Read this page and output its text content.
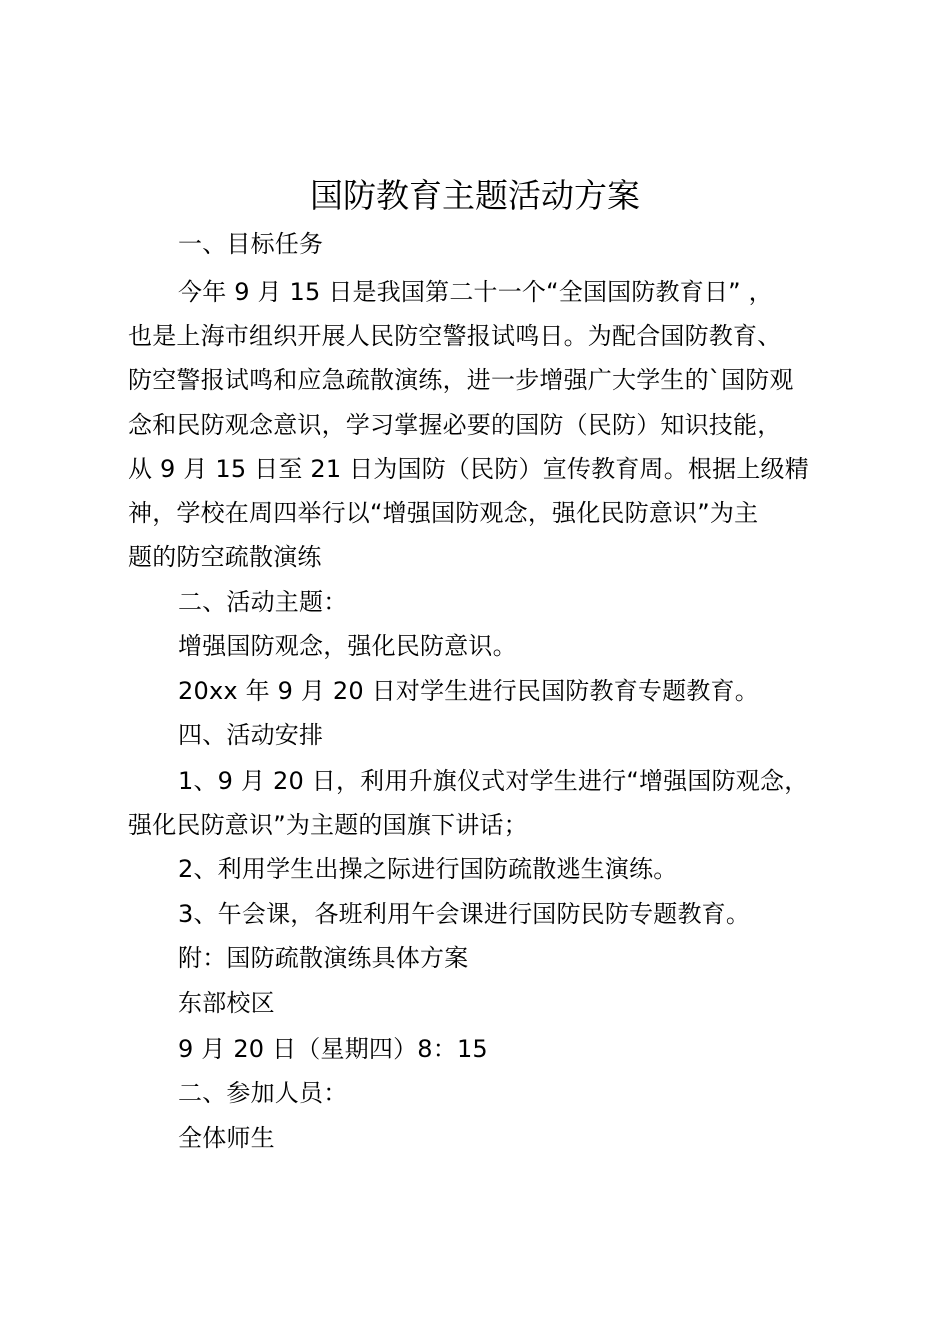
国防教育主题活动方案
一、目标任务
今年 9 月 15 日是我国第二十一个“全国国防教育日” ，
也是上海市组织开展人民防空警报试鸣日。为配合国防教育、
防空警报试鸣和应急疏散演练，进一步增强广大学生的`国防观
念和民防观念意识，学习掌握必要的国防（民防）知识技能，
从 9 月 15 日至 21 日为国防（民防）宣传教育周。根据上级精
神，学校在周四举行以“增强国防观念，强化民防意识”为主
题的防空疏散演练
二、活动主题：
增强国防观念，强化民防意识。
20xx 年 9 月 20 日对学生进行民国防教育专题教育。
四、活动安排
1、9 月 20 日，利用升旗仪式对学生进行“增强国防观念，
强化民防意识”为主题的国旗下讲话；
2、利用学生出操之际进行国防疏散逃生演练。
3、午会课，各班利用午会课进行国防民防专题教育。
附：国防疏散演练具体方案
东部校区
9 月 20 日（星期四）8：15
二、参加人员：
全体师生
